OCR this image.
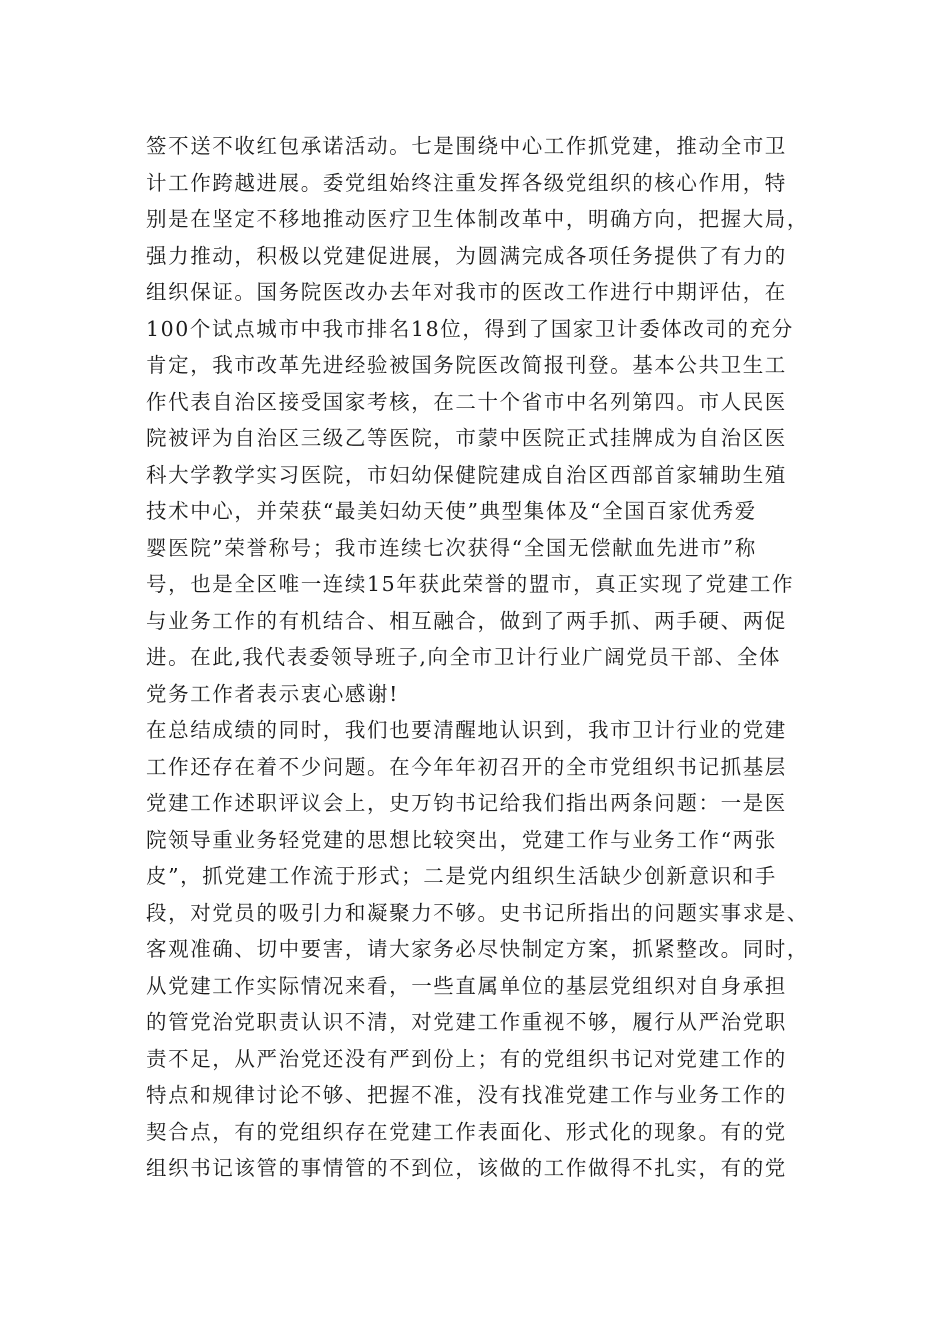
签不送不收红包承诺活动。七是围绕中心工作抓党建，推动全市卫
计工作跨越进展。委党组始终注重发挥各级党组织的核心作用，特
别是在坚定不移地推动医疗卫生体制改革中，明确方向，把握大局，
强力推动，积极以党建促进展，为圆满完成各项任务提供了有力的
组织保证。国务院医改办去年对我市的医改工作进行中期评估，在
100个试点城市中我市排名18位，得到了国家卫计委体改司的充分
肯定，我市改革先进经验被国务院医改简报刊登。基本公共卫生工
作代表自治区接受国家考核，在二十个省市中名列第四。市人民医
院被评为自治区三级乙等医院，市蒙中医院正式挂牌成为自治区医
科大学教学实习医院，市妇幼保健院建成自治区西部首家辅助生殖
技术中心，并荣获“最美妇幼天使”典型集体及“全国百家优秀爱
婴医院”荣誉称号；我市连续七次获得“全国无偿献血先进市”称
号，也是全区唯一连续15年获此荣誉的盟市，真正实现了党建工作
与业务工作的有机结合、相互融合，做到了两手抓、两手硬、两促
进。在此,我代表委领导班子,向全市卫计行业广阔党员干部、全体
党务工作者表示衷心感谢!
在总结成绩的同时，我们也要清醒地认识到，我市卫计行业的党建
工作还存在着不少问题。在今年年初召开的全市党组织书记抓基层
党建工作述职评议会上，史万钧书记给我们指出两条问题：一是医
院领导重业务轻党建的思想比较突出，党建工作与业务工作“两张
皮”，抓党建工作流于形式；二是党内组织生活缺少创新意识和手
段，对党员的吸引力和凝聚力不够。史书记所指出的问题实事求是、
客观准确、切中要害，请大家务必尽快制定方案，抓紧整改。同时，
从党建工作实际情况来看，一些直属单位的基层党组织对自身承担
的管党治党职责认识不清，对党建工作重视不够，履行从严治党职
责不足，从严治党还没有严到份上；有的党组织书记对党建工作的
特点和规律讨论不够、把握不准，没有找准党建工作与业务工作的
契合点，有的党组织存在党建工作表面化、形式化的现象。有的党
组织书记该管的事情管的不到位，该做的工作做得不扎实，有的党
